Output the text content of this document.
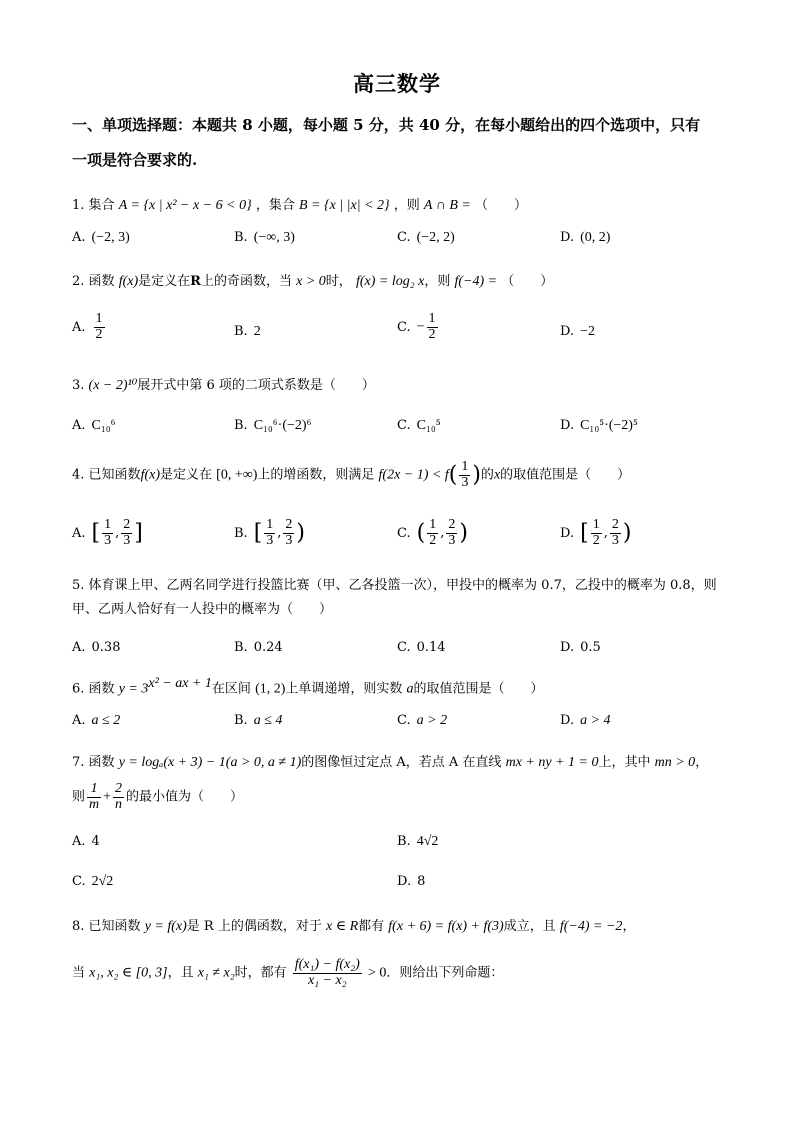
高三数学
一、单项选择题：本题共 8 小题，每小题 5 分，共 40 分，在每小题给出的四个选项中，只有
一项是符合要求的.
1. 集合 A = {x | x² − x − 6 < 0} ，集合 B = {x | |x| < 2} ，则 A ∩ B = （　　）
A. (−2, 3)	B. (−∞, 3)	C. (−2, 2)	D. (0, 2)
2. 函数 f(x)是定义在R上的奇函数，当 x > 0时， f(x) = log₂ x，则 f(−4) = （　　）
A. $\frac{1}{2}$	B. 2	C. − $\frac{1}{2}$	D. −2
3. (x − 2)¹⁰展开式中第 6 项的二项式系数是（　　）
A. C₁₀⁶	B. C₁₀⁶·(−2)⁶	C. C₁₀⁵	D. C₁₀⁵·(−2)⁵
4. 已知函数f(x)是定义在 [0, +∞)上的增函数，则满足 $f(2x - 1) < f( \frac{1}{3}$ )的x的取值范围是（　　）
A. [ $\frac{1}{3}$ , $\frac{2}{3}$ ]	B. [ $\frac{1}{3}$ , $\frac{2}{3}$ )	C. ( $\frac{1}{2}$ , $\frac{2}{3}$ )	D. [ $\frac{1}{2}$ , $\frac{2}{3}$ )
5. 体育课上甲、乙两名同学进行投篮比赛（甲、乙各投篮一次），甲投中的概率为 0.7，乙投中的概率为 0.8，则甲、乙两人恰好有一人投中的概率为（　　）
A. 0.38	B. 0.24	C. 0.14	D. 0.5
6. 函数 $y = 3^{x^2 - ax + 1}$在区间 (1, 2)上单调递增，则实数 a的取值范围是（　　）
A. a ≤ 2	B. a ≤ 4	C. a > 2	D. a > 4
7. 函数 y = logₐ(x + 3) − 1(a > 0, a ≠ 1)的图像恒过定点 A，若点 A 在直线 mx + ny + 1 = 0上，其中 mn > 0，
则 $\frac{1}{m} + \frac{2}{n}$ 的最小值为（　　）
A. 4	B. 4√2
C. 2√2	D. 8
8. 已知函数 y = f(x)是 R 上的偶函数，对于 x ∈ R都有 f(x + 6) = f(x) + f(3)成立，且 f(−4) = −2，
当 x₁, x₂ ∈ [0, 3]，且 x₁ ≠ x₂时，都有 $\frac{\text{f(x₁) − f(x₂)}}{\text{x₁ − x₂}} > 0$．则给出下列命题：
